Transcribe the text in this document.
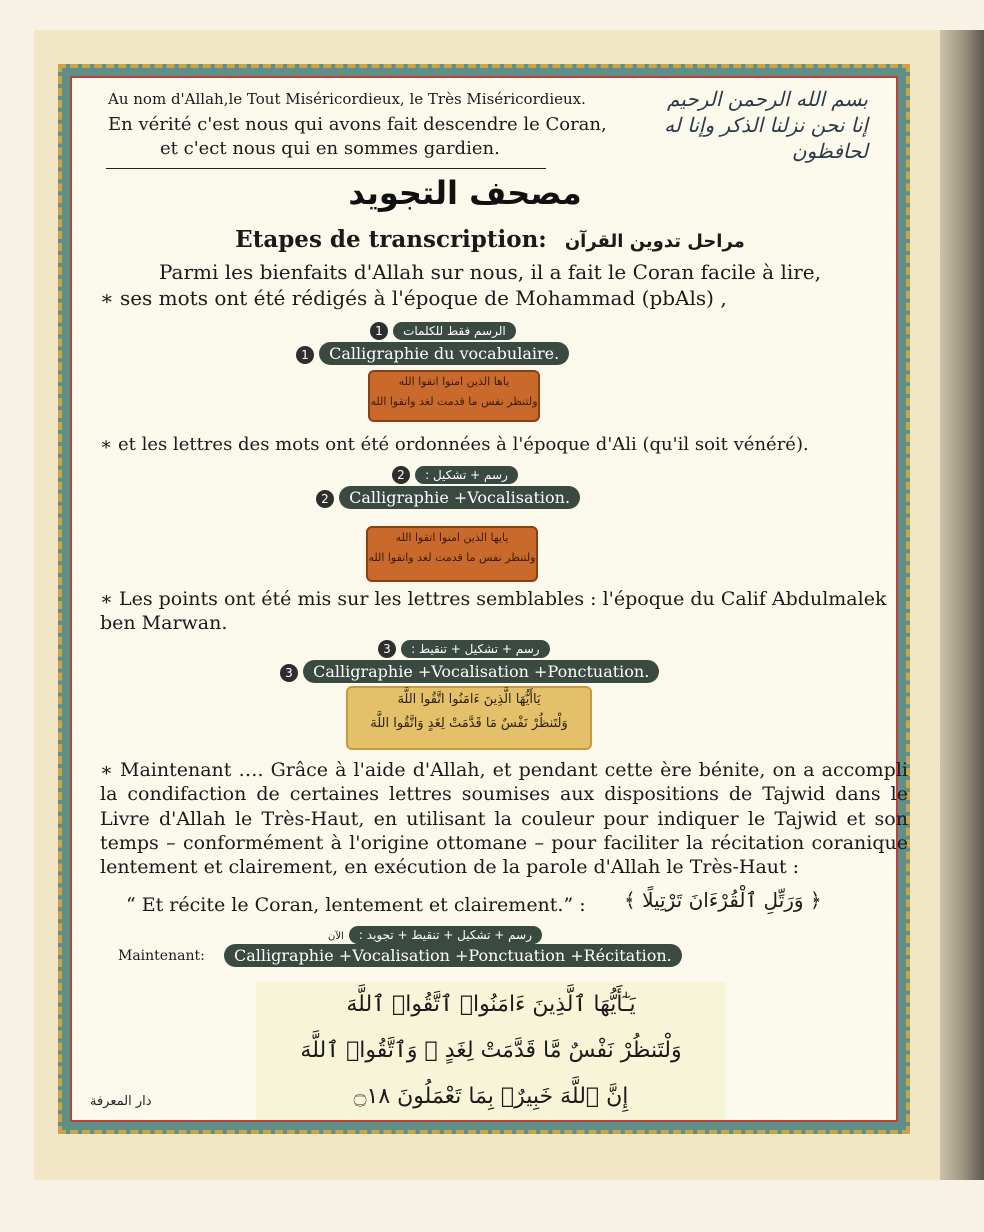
Au nom d'Allah,le Tout Miséricordieux, le Très Miséricordieux.
En vérité c'est nous qui avons fait descendre le Coran,
et c'ect nous qui en sommes gardien.
بسم الله الرحمن الرحيم
إنا نحن نزلنا الذكر وإنا له لحافظون
مصحف التجويد
Etapes de transcription: مراحل تدوين القرآن
Parmi les bienfaits d'Allah sur nous, il a fait le Coran facile à lire,
∗ ses mots ont été rédigés à l'époque de Mohammad (pbAls) ,
1 الرسم فقط للكلمات
1 Calligraphie du vocabulaire.
ياها الذين امنوا اتقوا الله
ولتنظر نفس ما قدمت لغد واتقوا الله
∗ et les lettres des mots ont été ordonnées à l'époque d'Ali (qu'il soit vénéré).
2 رسم + تشكيل :
2 Calligraphie +Vocalisation.
يايها الذين امنوا اتقوا الله
ولتنظر نفس ما قدمت لغد واتقوا الله
∗ Les points ont été mis sur les lettres semblables : l'époque du Calif Abdulmalek ben Marwan.
3 رسم + تشكيل + تنقيط :
3 Calligraphie +Vocalisation +Ponctuation.
يَاأَيُّهَا الَّذِينَ ءَامَنُوا اتَّقُوا اللَّهَ
وَلْتَنظُرْ نَفْسٌ مَا قَدَّمَتْ لِغَدٍ وَاتَّقُوا اللَّهَ
∗ Maintenant …. Grâce à l'aide d'Allah, et pendant cette ère bénite, on a accompli la condifaction de certaines lettres soumises aux dispositions de Tajwid dans le Livre d'Allah le Très-Haut, en utilisant la couleur pour indiquer le Tajwid et son temps – conformément à l'origine ottomane – pour faciliter la récitation coranique lentement et clairement, en exécution de la parole d'Allah le Très-Haut :
“ Et récite le Coran, lentement et clairement.” : ﴿ وَرَتِّلِ ٱلْقُرْءَانَ تَرْتِيلًا ﴾
الآن رسم + تشكيل + تنقيط + تجويد :
Maintenant:	Calligraphie +Vocalisation +Ponctuation +Récitation.
يَـٰٓأَيُّهَا ٱلَّذِينَ ءَامَنُوا۟ ٱتَّقُوا۟ ٱللَّهَ
وَلْتَنظُرْ نَفْسٌ مَّا قَدَّمَتْ لِغَدٍ ۖ وَٱتَّقُوا۟ ٱللَّهَ
إِنَّ ٱللَّهَ خَبِيرٌۢ بِمَا تَعْمَلُونَ ۝١٨
دار المعرفة
